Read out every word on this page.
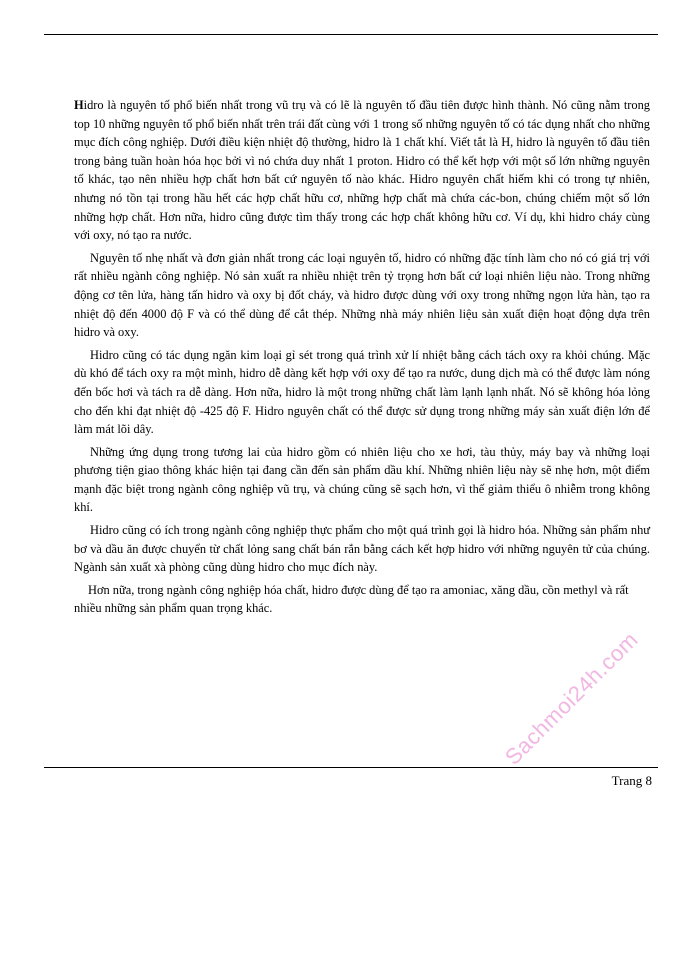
Hidro là nguyên tố phổ biến nhất trong vũ trụ và có lẽ là nguyên tố đầu tiên được hình thành. Nó cũng nằm trong top 10 những nguyên tố phổ biến nhất trên trái đất cùng với 1 trong số những nguyên tố có tác dụng nhất cho những mục đích công nghiệp. Dưới điều kiện nhiệt độ thường, hidro là 1 chất khí. Viết tắt là H, hidro là nguyên tố đầu tiên trong bảng tuần hoàn hóa học bởi vì nó chứa duy nhất 1 proton. Hidro có thể kết hợp với một số lớn những nguyên tố khác, tạo nên nhiều hợp chất hơn bất cứ nguyên tố nào khác. Hidro nguyên chất hiếm khi có trong tự nhiên, nhưng nó tồn tại trong hầu hết các hợp chất hữu cơ, những hợp chất mà chứa các-bon, chúng chiếm một số lớn những hợp chất. Hơn nữa, hidro cũng được tìm thấy trong các hợp chất không hữu cơ. Ví dụ, khi hidro cháy cùng với oxy, nó tạo ra nước.

Nguyên tố nhẹ nhất và đơn giản nhất trong các loại nguyên tố, hidro có những đặc tính làm cho nó có giá trị với rất nhiều ngành công nghiệp. Nó sản xuất ra nhiều nhiệt trên tỷ trọng hơn bất cứ loại nhiên liệu nào. Trong những động cơ tên lửa, hàng tấn hidro và oxy bị đốt cháy, và hidro được dùng với oxy trong những ngọn lửa hàn, tạo ra nhiệt độ đến 4000 độ F và có thể dùng để cắt thép. Những nhà máy nhiên liệu sản xuất điện hoạt động dựa trên hidro và oxy.

Hidro cũng có tác dụng ngăn kim loại gỉ sét trong quá trình xử lí nhiệt bằng cách tách oxy ra khỏi chúng. Mặc dù khó để tách oxy ra một mình, hidro dễ dàng kết hợp với oxy để tạo ra nước, dung dịch mà có thể được làm nóng đến bốc hơi và tách ra dễ dàng. Hơn nữa, hidro là một trong những chất làm lạnh lạnh nhất. Nó sẽ không hóa lỏng cho đến khi đạt nhiệt độ -425 độ F. Hidro nguyên chất có thể được sử dụng trong những máy sản xuất điện lớn để làm mát lõi dây.

Những ứng dụng trong tương lai của hidro gồm có nhiên liệu cho xe hơi, tàu thủy, máy bay và những loại phương tiện giao thông khác hiện tại đang cần đến sản phẩm dầu khí. Những nhiên liệu này sẽ nhẹ hơn, một điểm mạnh đặc biệt trong ngành công nghiệp vũ trụ, và chúng cũng sẽ sạch hơn, vì thế giảm thiểu ô nhiễm trong không khí.

Hidro cũng có ích trong ngành công nghiệp thực phẩm cho một quá trình gọi là hidro hóa. Những sản phẩm như bơ và dầu ăn được chuyển từ chất lỏng sang chất bán rắn bằng cách kết hợp hidro với những nguyên tử của chúng. Ngành sản xuất xà phòng cũng dùng hidro cho mục đích này.

Hơn nữa, trong ngành công nghiệp hóa chất, hidro được dùng để tạo ra amoniac, xăng dầu, cồn methyl và rất nhiều những sản phẩm quan trọng khác.

Trang 8
Sachmoi24h.com
